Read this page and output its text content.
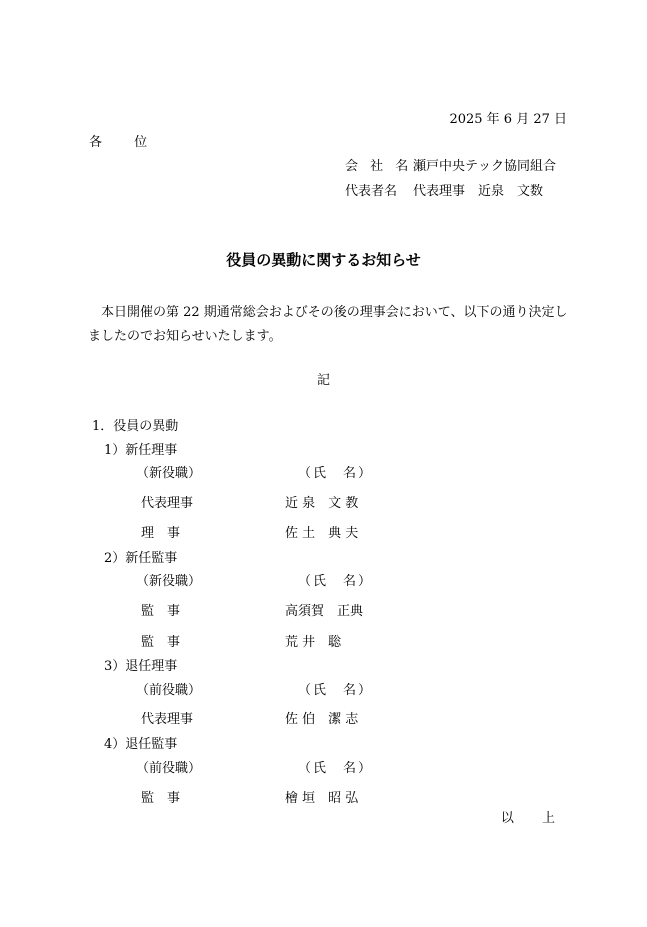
2025 年 6 月 27 日
各 位
会 社 名 瀬戸中央テック協同組合
代表者名 代表理事　近泉　文数
役員の異動に関するお知らせ
本日開催の第 22 期通常総会およびその後の理事会において、以下の通り決定しましたのでお知らせいたします。
記
1．役員の異動
1）新任理事
（新役職）	（氏　名）
代表理事	近 泉　文 教
理　事	佐 土　典 夫
2）新任監事
（新役職）	（氏　名）
監　事	高須賀　正典
監　事	荒 井　聡
3）退任理事
（前役職）	（氏　名）
代表理事	佐 伯　潔 志
4）退任監事
（前役職）	（氏　名）
監　事	檜 垣　昭 弘
以 上
